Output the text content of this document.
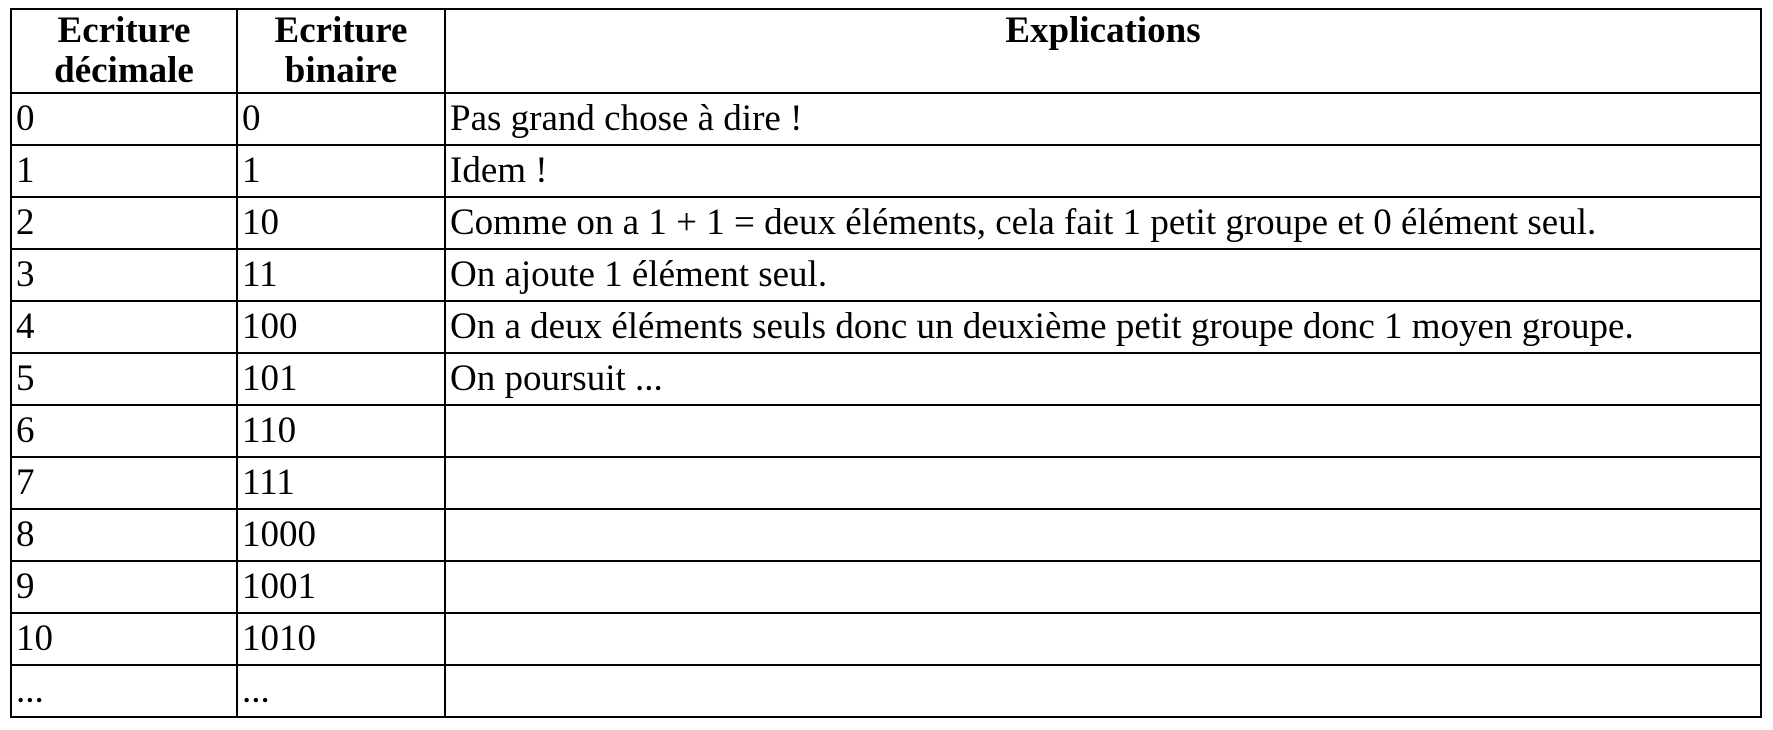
Ecriture décimale	Ecriture binaire	Explications
0	0	Pas grand chose à dire !
1	1	Idem !
2	10	Comme on a 1 + 1 = deux éléments, cela fait 1 petit groupe et 0 élément seul.
3	11	On ajoute 1 élément seul.
4	100	On a deux éléments seuls donc un deuxième petit groupe donc 1 moyen groupe.
5	101	On poursuit ...
6	110	
7	111	
8	1000	
9	1001	
10	1010	
...	...	
